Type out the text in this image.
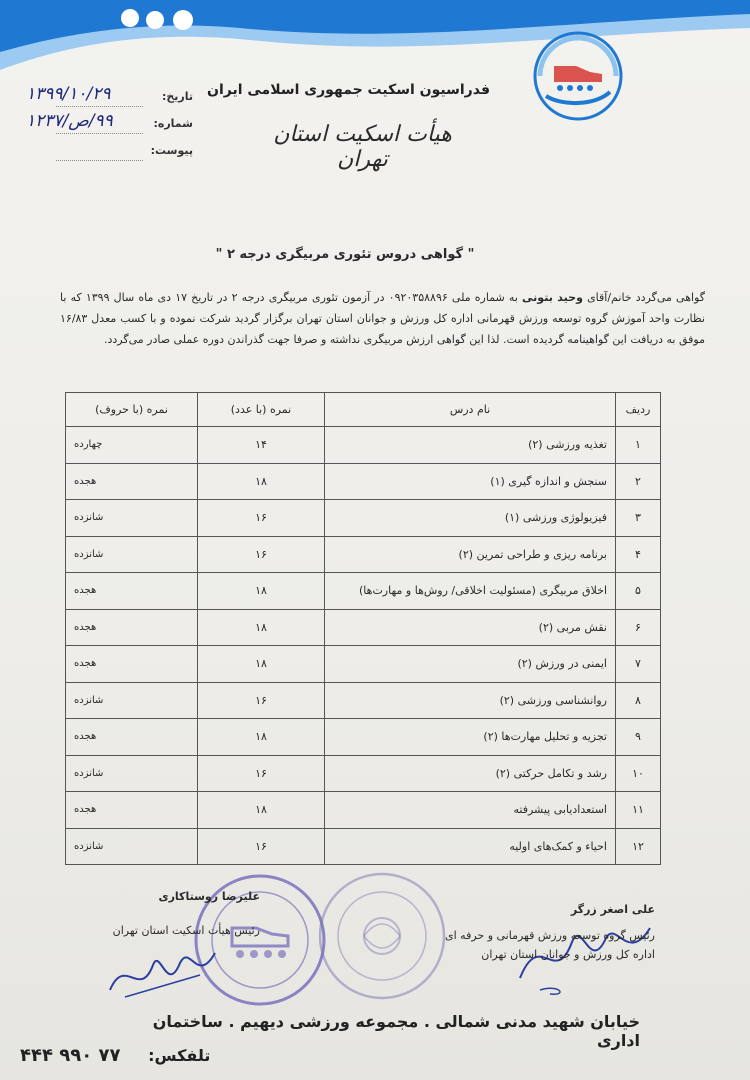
فدراسیون اسکیت جمهوری اسلامی ایران
هیأت اسکیت استان تهران
تاریخ:
۱۳۹۹/۱۰/۲۹
شماره:
۹۹/ص/۱۲۳۷
پیوست:
" گواهی دروس تئوری مربیگری درجه ۲ "
گواهی می‌گردد خانم/آقای وحید بتونی به شماره ملی ۰۹۲۰۳۵۸۸۹۶ در آزمون تئوری مربیگری درجه ۲ در تاریخ ۱۷ دی ماه سال ۱۳۹۹ که با نظارت واحد آموزش گروه توسعه ورزش قهرمانی اداره کل ورزش و جوانان استان تهران برگزار گردید شرکت نموده و با کسب معدل ۱۶/۸۳ موفق به دریافت این گواهینامه گردیده است. لذا این گواهی ارزش مربیگری نداشته و صرفا جهت گذراندن دوره عملی صادر می‌گردد.
ردیف	نام درس	نمره (با عدد)	نمره (با حروف)
۱	تغذیه ورزشی (۲)	۱۴	چهارده
۲	سنجش و اندازه گیری (۱)	۱۸	هجده
۳	فیزیولوژی ورزشی (۱)	۱۶	شانزده
۴	برنامه ریزی و طراحی تمرین (۲)	۱۶	شانزده
۵	اخلاق مربیگری (مسئولیت اخلاقی/ روش‌ها و مهارت‌ها)	۱۸	هجده
۶	نقش مربی (۲)	۱۸	هجده
۷	ایمنی در ورزش (۲)	۱۸	هجده
۸	روانشناسی ورزشی (۲)	۱۶	شانزده
۹	تجزیه و تحلیل مهارت‌ها (۲)	۱۸	هجده
۱۰	رشد و تکامل حرکتی (۲)	۱۶	شانزده
۱۱	استعدادیابی پیشرفته	۱۸	هجده
۱۲	احیاء و کمک‌های اولیه	۱۶	شانزده
علی اصغر زرگر
رئیس گروه توسعه ورزش قهرمانی و حرفه ای
اداره کل ورزش و جوانان استان تهران
علیرضا روستاکاری
رئیس هیأت اسکیت استان تهران
خیابان شهید مدنی شمالی . مجموعه ورزشی دیهیم . ساختمان اداری
تلفکس: ۷۷ ۹۹۰ ۴۴۴
